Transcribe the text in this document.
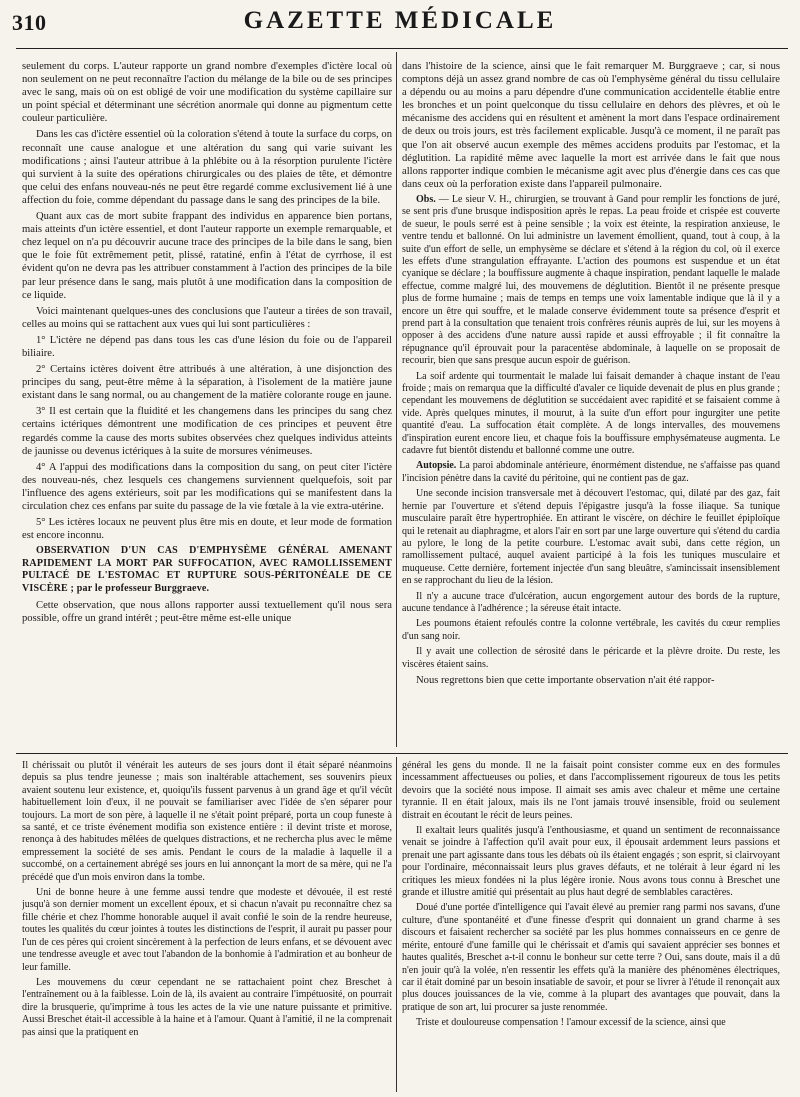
310	GAZETTE MÉDICALE

seulement du corps. L'auteur rapporte un grand nombre d'exemples d'ictère local où non seulement on ne peut reconnaître l'action du mélange de la bile ou de ses principes avec le sang, mais où on est obligé de voir une modification du système capillaire sur un point spécial et déterminant une sécrétion anormale qui donne au pigmentum cette couleur particulière.

Dans les cas d'ictère essentiel où la coloration s'étend à toute la surface du corps, on reconnaît une cause analogue et une altération du sang qui varie suivant les modifications ; ainsi l'auteur attribue à la phlébite ou à la résorption purulente l'ictère qui survient à la suite des opérations chirurgicales ou des plaies de tête, et démontre que celui des enfans nouveau-nés ne peut être regardé comme exclusivement lié à une affection du foie, comme dépendant du passage dans le sang des principes de la bile.

Quant aux cas de mort subite frappant des individus en apparence bien portans, mais atteints d'un ictère essentiel, et dont l'auteur rapporte un exemple remarquable, et chez lequel on n'a pu découvrir aucune trace des principes de la bile dans le sang, bien que le foie fût extrêmement petit, plissé, ratatiné, enfin à l'état de cyrrhose, il est évident qu'on ne devra pas les attribuer constamment à l'action des principes de la bile par leur présence dans le sang, mais plutôt à une modification dans la composition de ce liquide.

Voici maintenant quelques-unes des conclusions que l'auteur a tirées de son travail, celles au moins qui se rattachent aux vues qui lui sont particulières :

1° L'ictère ne dépend pas dans tous les cas d'une lésion du foie ou de l'appareil biliaire.

2° Certains ictères doivent être attribués à une altération, à une disjonction des principes du sang, peut-être même à la séparation, à l'isolement de la matière jaune existant dans le sang normal, ou au changement de la matière colorante rouge en jaune.

3° Il est certain que la fluidité et les changemens dans les principes du sang chez certains ictériques démontrent une modification de ces principes et peuvent être regardés comme la cause des morts subites observées chez quelques individus atteints de jaunisse ou devenus ictériques à la suite de morsures vénimeuses.

4° A l'appui des modifications dans la composition du sang, on peut citer l'ictère des nouveau-nés, chez lesquels ces changemens surviennent quelquefois, soit par l'influence des agens extérieurs, soit par les modifications qui se manifestent dans la circulation chez ces enfans par suite du passage de la vie fœtale à la vie extra-utérine.

5° Les ictères locaux ne peuvent plus être mis en doute, et leur mode de formation est encore inconnu.

OBSERVATION D'UN CAS D'EMPHYSÈME GÉNÉRAL AMENANT RAPIDEMENT LA MORT PAR SUFFOCATION, AVEC RAMOLLISSEMENT PULTACÉ DE L'ESTOMAC ET RUPTURE SOUS-PÉRITONÉALE DE CE VISCÈRE ; par le professeur Burggraeve.

Cette observation, que nous allons rapporter aussi textuellement qu'il nous sera possible, offre un grand intérêt ; peut-être même est-elle unique

dans l'histoire de la science, ainsi que le fait remarquer M. Burggraeve ; car, si nous comptons déjà un assez grand nombre de cas où l'emphysème général du tissu cellulaire a dépendu ou au moins a paru dépendre d'une communication accidentelle établie entre les bronches et un point quelconque du tissu cellulaire en dehors des plèvres, et où le mécanisme des accidens qui en résultent et amènent la mort dans l'espace ordinairement de deux ou trois jours, est très facilement explicable. Jusqu'à ce moment, il ne paraît pas que l'on ait observé aucun exemple des mêmes accidens produits par l'estomac, et la déglutition. La rapidité même avec laquelle la mort est arrivée dans le fait que nous allons rapporter indique combien le mécanisme agit avec plus d'énergie dans ces cas que dans ceux où la perforation existe dans l'appareil pulmonaire.

Obs. — Le sieur V. H., chirurgien, se trouvant à Gand pour remplir les fonctions de juré, se sent pris d'une brusque indisposition après le repas. La peau froide et crispée est couverte de sueur, le pouls serré est à peine sensible ; la voix est éteinte, la respiration anxieuse, le ventre tendu et ballonné. On lui administre un lavement émollient, quand, tout à coup, à la suite d'un effort de selle, un emphysème se déclare et s'étend à la région du col, où il exerce les effets d'une strangulation effrayante. L'action des poumons est suspendue et un état cyanique se déclare ; la bouffissure augmente à chaque inspiration, pendant laquelle le malade effectue, comme malgré lui, des mouvemens de déglutition. Bientôt il ne présente presque plus de forme humaine ; mais de temps en temps une voix lamentable indique que là il y a encore un être qui souffre, et le malade conserve évidemment toute sa présence d'esprit et prend part à la consultation que tenaient trois confrères réunis auprès de lui, sur les moyens à opposer à des accidens d'une nature aussi rapide et aussi effroyable ; il fit connaître la répugnance qu'il éprouvait pour la paracentèse abdominale, à laquelle on se proposait de recourir, bien que sans presque aucun espoir de guérison.

La soif ardente qui tourmentait le malade lui faisait demander à chaque instant de l'eau froide ; mais on remarqua que la difficulté d'avaler ce liquide devenait de plus en plus grande ; cependant les mouvemens de déglutition se succédaient avec rapidité et se faisaient comme à vide. Après quelques minutes, il mourut, à la suite d'un effort pour ingurgiter une petite quantité d'eau. La suffocation était complète. A de longs intervalles, des mouvemens d'inspiration eurent encore lieu, et chaque fois la bouffissure emphysémateuse augmenta. Le cadavre fut bientôt distendu et ballonné comme une outre.

Autopsie. La paroi abdominale antérieure, énormément distendue, ne s'affaisse pas quand l'incision pénètre dans la cavité du péritoine, qui ne contient pas de gaz.

Une seconde incision transversale met à découvert l'estomac, qui, dilaté par des gaz, fait hernie par l'ouverture et s'étend depuis l'épigastre jusqu'à la fosse iliaque. Sa tunique musculaire paraît être hypertrophiée. En attirant le viscère, on déchire le feuillet épiploïque qui le retenait au diaphragme, et alors l'air en sort par une large ouverture qui s'étend du cardia au pylore, le long de la petite courbure. L'estomac avait subi, dans cette région, un ramollissement pultacé, auquel avaient participé à la fois les tuniques musculaire et muqueuse. Cette dernière, fortement injectée d'un sang bleuâtre, s'amincissait insensiblement en se rapprochant du lieu de la lésion.

Il n'y a aucune trace d'ulcération, aucun engorgement autour des bords de la rupture, aucune tendance à l'adhérence ; la séreuse était intacte.

Les poumons étaient refoulés contre la colonne vertébrale, les cavités du cœur remplies d'un sang noir.

Il y avait une collection de sérosité dans le péricarde et la plèvre droite. Du reste, les viscères étaient sains.

Nous regrettons bien que cette importante observation n'ait été rappor-

Il chérissait ou plutôt il vénérait les auteurs de ses jours dont il était séparé néanmoins depuis sa plus tendre jeunesse ; mais son inaltérable attachement, ses souvenirs pieux avaient soutenu leur existence, et, quoiqu'ils fussent parvenus à un grand âge et qu'il vécût habituellement loin d'eux, il ne pouvait se familiariser avec l'idée de s'en séparer pour toujours. La mort de son père, à laquelle il ne s'était point préparé, porta un coup funeste à sa santé, et ce triste événement modifia son existence entière : il devint triste et morose, renonça à des habitudes mêlées de quelques distractions, et ne rechercha plus avec le même empressement la société de ses amis. Pendant le cours de la maladie à laquelle il a succombé, on a certainement abrégé ses jours en lui annonçant la mort de sa mère, qui ne l'a précédé que d'un mois environ dans la tombe.

Uni de bonne heure à une femme aussi tendre que modeste et dévouée, il est resté jusqu'à son dernier moment un excellent époux, et si chacun n'avait pu reconnaître chez sa fille chérie et chez l'homme honorable auquel il avait confié le soin de la rendre heureuse, toutes les qualités du cœur jointes à toutes les distinctions de l'esprit, il aurait pu passer pour l'un de ces pères qui croient sincèrement à la perfection de leurs enfans, et se dévouent avec une tendresse aveugle et avec tout l'abandon de la bonhomie à l'admiration et au bonheur de leur famille.

Les mouvemens du cœur cependant ne se rattachaient point chez Breschet à l'entraînement ou à la faiblesse. Loin de là, ils avaient au contraire l'impétuosité, on pourrait dire la brusquerie, qu'imprime à tous les actes de la vie une nature puissante et primitive. Aussi Breschet était-il accessible à la haine et à l'amour. Quant à l'amitié, il ne la comprenait pas ainsi que la pratiquent en

général les gens du monde. Il ne la faisait point consister comme eux en des formules incessamment affectueuses ou polies, et dans l'accomplissement rigoureux de tous les petits devoirs que la société nous impose. Il aimait ses amis avec chaleur et même une certaine tyrannie. Il en était jaloux, mais ils ne l'ont jamais trouvé insensible, froid ou seulement distrait en écoutant le récit de leurs peines.

Il exaltait leurs qualités jusqu'à l'enthousiasme, et quand un sentiment de reconnaissance venait se joindre à l'affection qu'il avait pour eux, il épousait ardemment leurs passions et prenait une part agissante dans tous les débats où ils étaient engagés ; son esprit, si clairvoyant pour l'ordinaire, méconnaissait leurs plus graves défauts, et ne tolérait à leur égard ni les critiques les mieux fondées ni la plus légère ironie. Nous avons tous connu à Breschet une grande et illustre amitié qui présentait au plus haut degré de semblables caractères.

Doué d'une portée d'intelligence qui l'avait élevé au premier rang parmi nos savans, d'une culture, d'une spontanéité et d'une finesse d'esprit qui donnaient un grand charme à ses discours et faisaient rechercher sa société par les plus hommes connaisseurs en ce genre de mérite, entouré d'une famille qui le chérissait et d'amis qui savaient apprécier ses bonnes et hautes qualités, Breschet a-t-il connu le bonheur sur cette terre ? Oui, sans doute, mais il a dû n'en jouir qu'à la volée, n'en ressentir les effets qu'à la manière des phénomènes électriques, car il était dominé par un besoin insatiable de savoir, et pour se livrer à l'étude il renonçait aux plus douces jouissances de la vie, comme à la plupart des avantages que pouvait, dans la pratique de son art, lui procurer sa juste renommée.

Triste et douloureuse compensation ! l'amour excessif de la science, ainsi que
